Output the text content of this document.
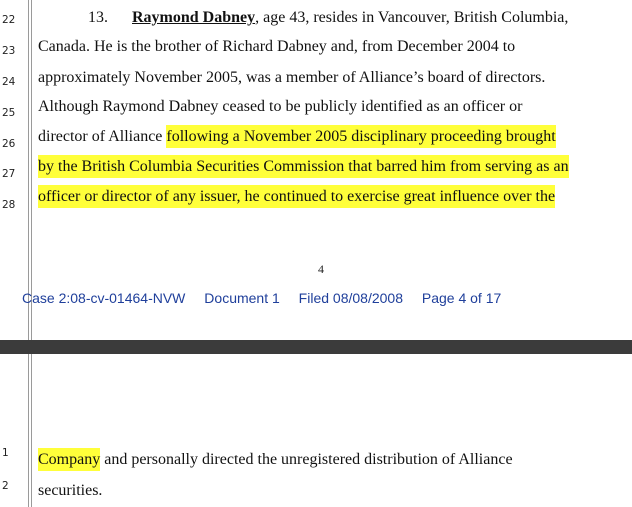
22	13. Raymond Dabney, age 43, resides in Vancouver, British Columbia,
23 Canada. He is the brother of Richard Dabney and, from December 2004 to
24 approximately November 2005, was a member of Alliance’s board of directors.
25 Although Raymond Dabney ceased to be publicly identified as an officer or
26 director of Alliance following a November 2005 disciplinary proceeding brought
27 by the British Columbia Securities Commission that barred him from serving as an
28 officer or director of any issuer, he continued to exercise great influence over the
4
Case 2:08-cv-01464-NVW Document 1 Filed 08/08/2008 Page 4 of 17
1	Company and personally directed the unregistered distribution of Alliance
2	securities.
